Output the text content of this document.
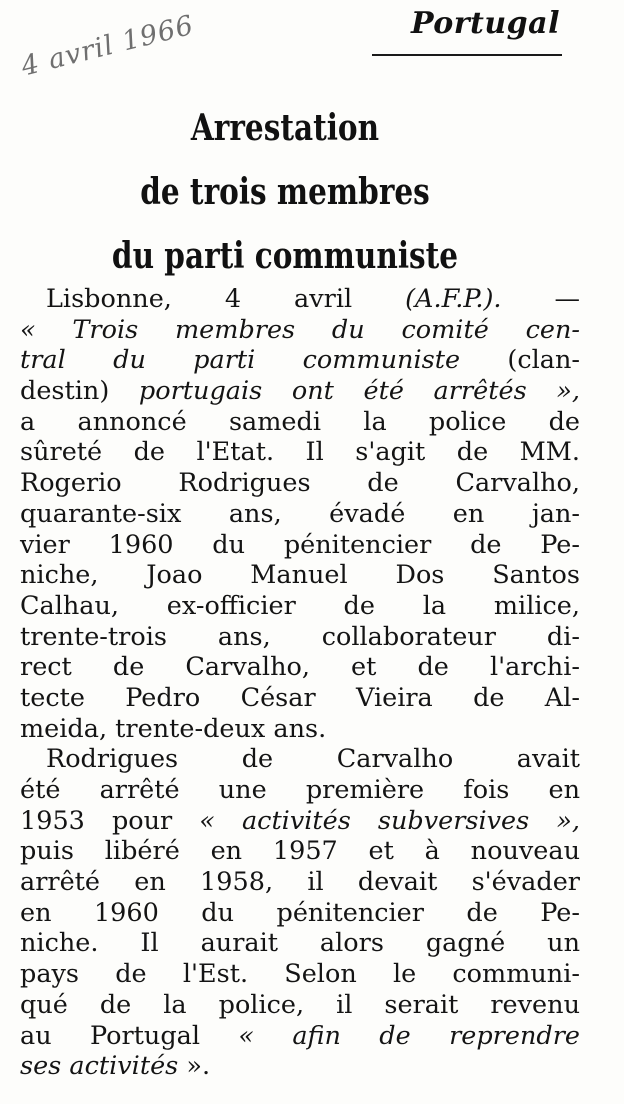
Portugal
4 avril 1966
Arrestation
de trois membres
du parti communiste
Lisbonne, 4 avril (A.F.P.). —
« Trois membres du comité cen-
tral du parti communiste (clan-
destin) portugais ont été arrêtés »,
a annoncé samedi la police de
sûreté de l'Etat. Il s'agit de MM.
Rogerio Rodrigues de Carvalho,
quarante-six ans, évadé en jan-
vier 1960 du pénitencier de Pe-
niche, Joao Manuel Dos Santos
Calhau, ex-officier de la milice,
trente-trois ans, collaborateur di-
rect de Carvalho, et de l'archi-
tecte Pedro César Vieira de Al-
meida, trente-deux ans.
Rodrigues de Carvalho avait
été arrêté une première fois en
1953 pour « activités subversives »,
puis libéré en 1957 et à nouveau
arrêté en 1958, il devait s'évader
en 1960 du pénitencier de Pe-
niche. Il aurait alors gagné un
pays de l'Est. Selon le communi-
qué de la police, il serait revenu
au Portugal « afin de reprendre
ses activités ».
